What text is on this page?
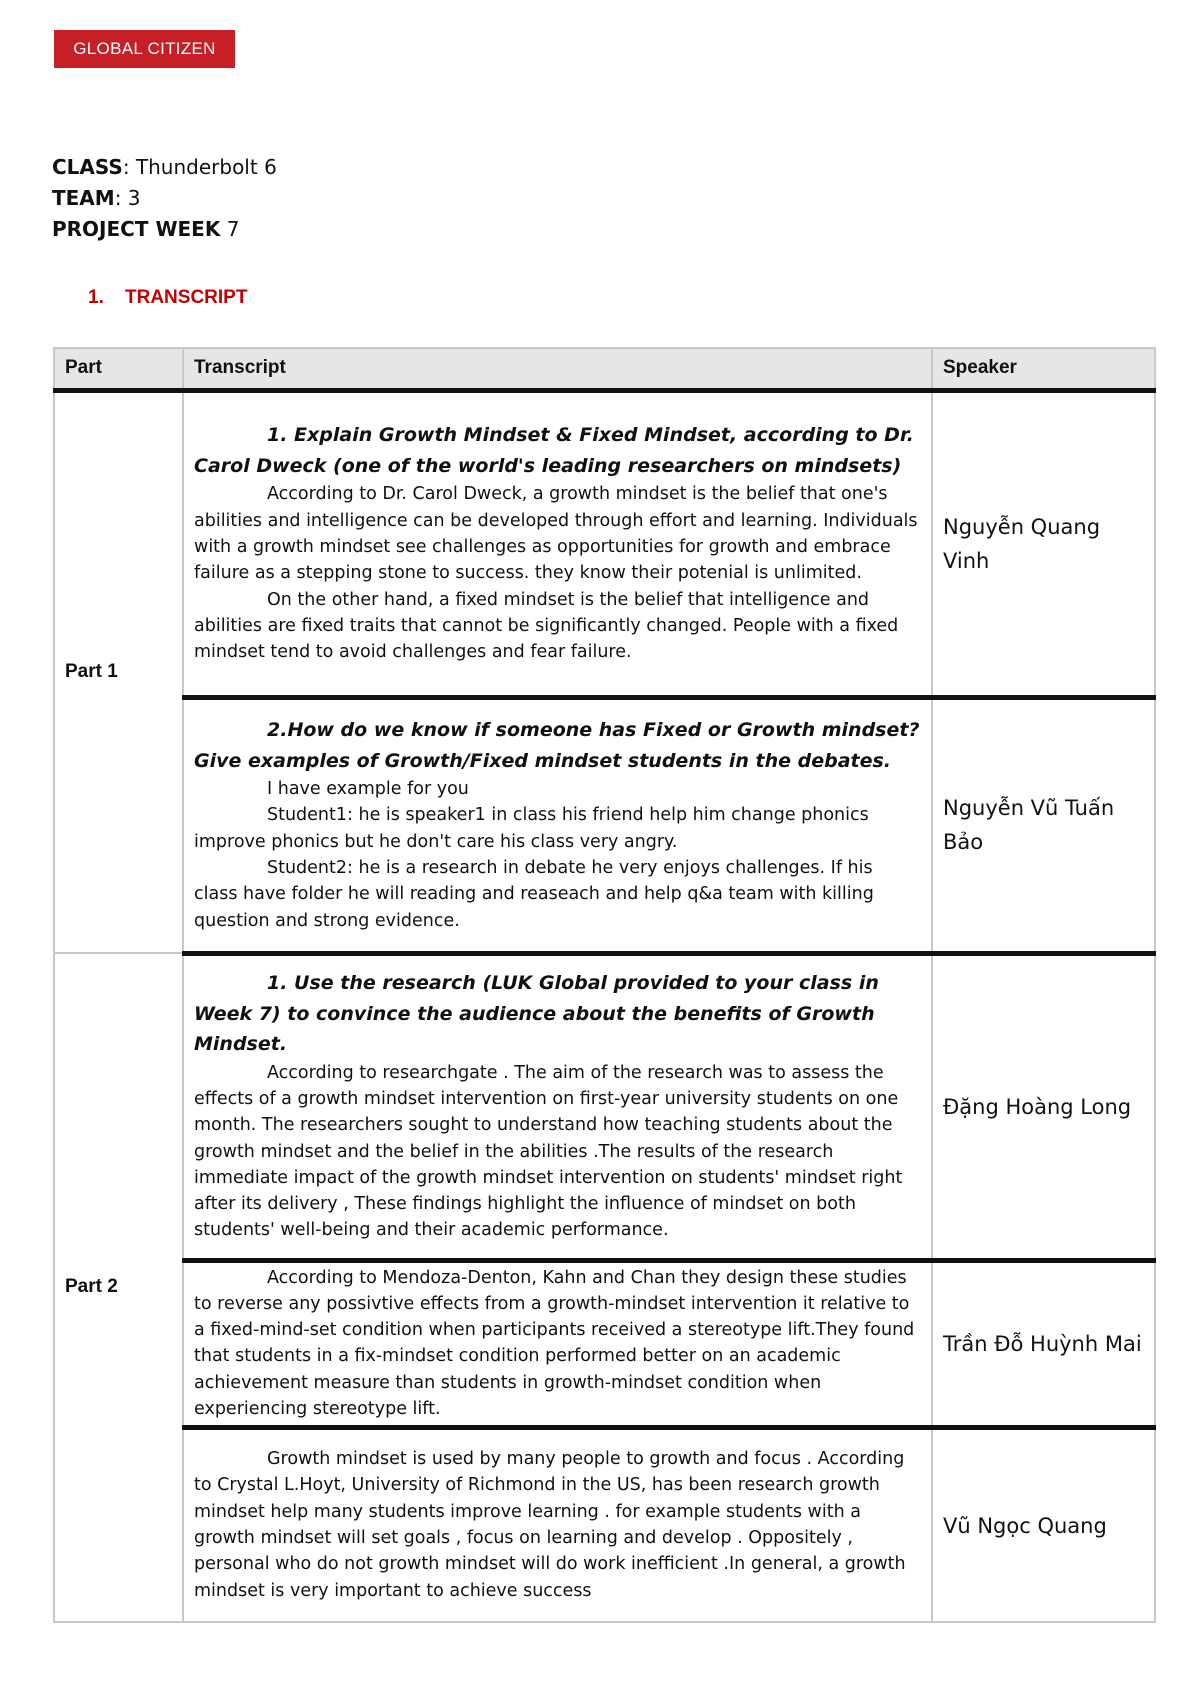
GLOBAL CITIZEN
CLASS: Thunderbolt 6
TEAM: 3
PROJECT WEEK 7
1. TRANSCRIPT
Part	Transcript	Speaker
Part 1	1. Explain Growth Mindset & Fixed Mindset, according to Dr. Carol Dweck (one of the world's leading researchers on mindsets)
According to Dr. Carol Dweck, a growth mindset is the belief that one's abilities and intelligence can be developed through effort and learning. Individuals with a growth mindset see challenges as opportunities for growth and embrace failure as a stepping stone to success. they know their potenial is unlimited.
On the other hand, a fixed mindset is the belief that intelligence and abilities are fixed traits that cannot be significantly changed. People with a fixed mindset tend to avoid challenges and fear failure.	Nguyễn Quang Vinh

	2.How do we know if someone has Fixed or Growth mindset? Give examples of Growth/Fixed mindset students in the debates.
I have example for you
Student1: he is speaker1 in class his friend help him change phonics improve phonics but he don't care his class very angry.
Student2: he is a research in debate he very enjoys challenges. If his class have folder he will reading and reaseach and help q&a team with killing question and strong evidence.	Nguyễn Vũ Tuấn Bảo
Part 2	1. Use the research (LUK Global provided to your class in Week 7) to convince the audience about the benefits of Growth Mindset.
According to researchgate . The aim of the research was to assess the effects of a growth mindset intervention on first-year university students on one month. The researchers sought to understand how teaching students about the growth mindset and the belief in the abilities .The results of the research immediate impact of the growth mindset intervention on students' mindset right after its delivery , These findings highlight the influence of mindset on both students' well-being and their academic performance.	Đặng Hoàng Long

	According to Mendoza-Denton, Kahn and Chan they design these studies to reverse any possivtive effects from a growth-mindset intervention it relative to a fixed-mind-set condition when participants received a stereotype lift.They found that students in a fix-mindset condition performed better on an academic achievement measure than students in growth-mindset condition when experiencing stereotype lift.	Trần Đỗ Huỳnh Mai

	Growth mindset is used by many people to growth and focus . According to Crystal L.Hoyt, University of Richmond in the US, has been research growth mindset help many students improve learning . for example students with a growth mindset will set goals , focus on learning and develop . Oppositely , personal who do not growth mindset will do work inefficient .In general, a growth mindset is very important to achieve success	Vũ Ngọc Quang
